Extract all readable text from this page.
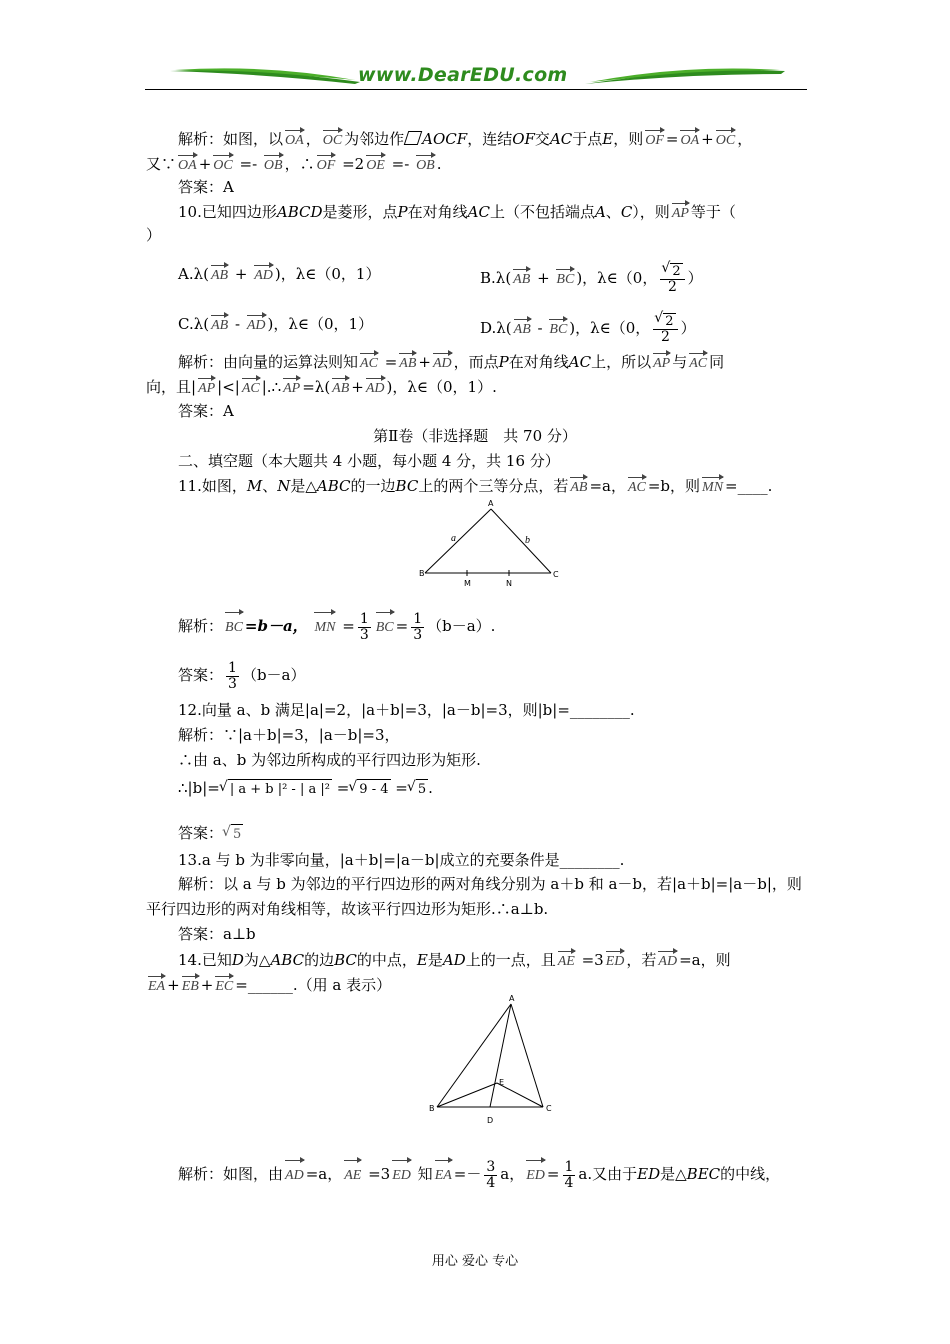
www.DearEDU.com
解析：如图，以 OA ， OC 为邻边作 AOCF，连结OF交AC于点E，则 OF = OA + OC ，
又∵ OA + OC =- OB ，∴ OF =2 OE =- OB .
答案：A
10.已知四边形ABCD是菱形，点P在对角线AC上（不包括端点A、C），则 AP 等于（
）
A.λ( AB + AD )，λ∈（0，1）	B.λ( AB + BC )，λ∈（0， √ $\frac{2}{2}$ ）
C.λ( AB - AD )，λ∈（0，1）	D.λ( AB - BC )，λ∈（0， √ $\frac{2}{2}$ ）
解析：由向量的运算法则知 AC = AB + AD ，而点P在对角线AC上，所以 AP 与 AC 同
向，且| AP |<| AC |.∴ AP =λ( AB + AD )，λ∈（0，1）.
答案：A
第Ⅱ卷（非选择题　共 70 分）
二、填空题（本大题共 4 小题，每小题 4 分，共 16 分）
11.如图，M、N是△ABC的一边BC上的两个三等分点，若 AB =a， AC =b，则 MN =____.
A
B	C
M	N
a	b
解析： BC =b－a， MN = $\frac{1}{3}$ BC = $\frac{1}{3} (b-a)$.
答案： $\frac{1}{3} (b-a)$
12.向量 a、b 满足|a|=2，|a＋b|=3，|a－b|=3，则|b|=________.
解析：∵|a＋b|=3，|a－b|=3，
∴由 a、b 为邻边所构成的平行四边形为矩形.
∴|b|= √ | a + b |² - | a |² = √ 9 - 4 = √ 5 .
答案： √ 5
13.a 与 b 为非零向量，|a＋b|=|a－b|成立的充要条件是________.
解析：以 a 与 b 为邻边的平行四边形的两对角线分别为 a＋b 和 a－b，若|a＋b|=|a－b|，则
平行四边形的两对角线相等，故该平行四边形为矩形.∴a⊥b.
答案：a⊥b
14.已知D为△ABC的边BC的中点，E是AD上的一点，且 AE =3 ED ，若 AD =a，则
EA + EB + EC =______.（用 a 表示）
A
B	C
D
E
解析：如图，由 AD =a， AE =3 ED 知 EA =－ $\frac{3}{4}$ a， ED = $\frac{1}{4} a$.又由于ED是△BEC的中线，
用心 爱心 专心
